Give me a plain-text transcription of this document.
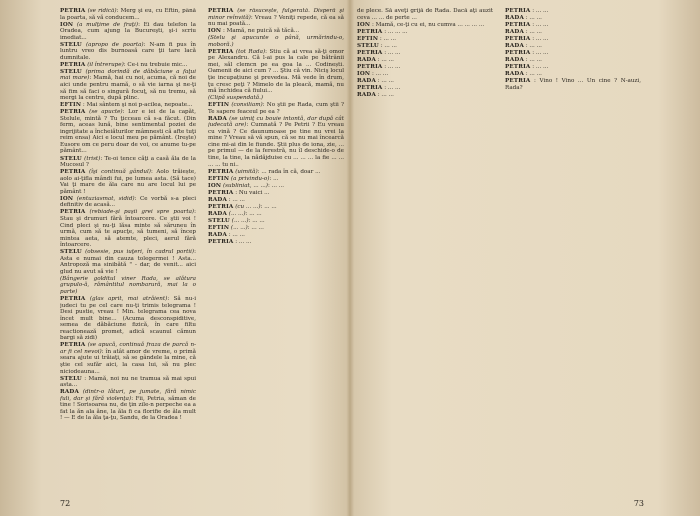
PETRIA (se ridică): Merg şi eu, cu Eftin, până la poarta, să vă conducem...

ION (a mulţime de fraţi): Ei dau telefon la Oradea, cum ajung la Bucureşti, şi-i scriu imediat...

STELU (apropo de poarta): N-am fi pus în luntru vreo dis burnoasă care ţii tare lacă dumnitale.

PETRIA (il întrerupe): Ce-i nu trebuie mic...

STELU (prima dorindă de dăbăciune a faţui mai mare): Mamă, hai cu noi, acuma, că noi de aici unde pentru mamă, o să vie iarna şi ne-ţi să fim să faci o singură focuţ, să nu tremu, să mergi la centru, după plinc.

EFTIN : Mai sântem şi noi p-acilea, nepoate...

PETRIA (se apucte): Lor e iei de la capăt, Stelule, mintă ? Tu ţicceau că s-a făcut. (Din ferm, aceas lună, bine sentimental poziei de ingrijitate a încheiăturilor mâmnesti că afte tuţi reim ensa) Aici e locul meu pe pământ. (Ireşte) Eusore om ce peru doar de voi, ce anume tu-pe pământ...

STELU (trist): Te-oi tence căţi a casă ăla de la Mucosul ?

PETRIA (îşi continuă gândul): Aolo trăiește, aolo ai-ţifla mândi fui, pe lumea asta. (Să tace) Vai ţi mare de ăla care nu are locul lui pe pământ !

ION (entuziasmat, sidid): Ce vorbă s-a pleci definitiv de acasă...

PETRIA (rebiade-şi paşii grei spre poarta): Stau şi drumuri fără întoarcere. Ce ştii voi ! Cind pleci şi nu-ţi lăsa minte să săruneu în urmă, cum să te apucţe, să tumeni, să încep mintea aeta, să atemte, pleci, aerul fără întoarcere.

STELU (obsesie, pus iuţeri, în cadrul portii): Asta e numai din cauza tolegermei ! Asta... Antropoză ma sinibătă " - dar, de venit... aici glud nu avut să vie !

(Bângerie golditul viner Rada, se alătura grupulo-ă, rământitul nombarură, mai la o parte)

PETRIA (glas aprit, mai atrăient): Să nu-i judeci tu pe cel care nu-ţi trimis telegrama ! Desi pustie, vreau ! Min. telegrama cea nova încet mult bine... (Acuma desconspiditive, semea de dăbăciune fizică, în care filtu reactionează promet, adică scaunul cămun bargi să zidi)

PETRIA (se apucă, continuă fraza de parcă n-ar fi cel nevoi): în atât amor de vreme, o primă seara ajute ui trăiaţi, să se gândele la mine, că ştie cel sufăr aici, la casa lui, să nu plec niciodeauna...

STELU : Mamă, noi nu ne tramua să mai spui asta...

RADA (dintr-o lături, pe jumate, fără nimic fuli, dar şi fără violenţa): Fii, Petria, săman de tine ! Sorisoarea nu, de ţin zile-n perpeche ea a fat la ăn ala ăne, la ăla fi ca florifie de ăla mult ! — E de la ăla ţa-ţu, Sandu, de la Oradea !

PETRIA (se răsucește, fulgerată. Disperă şi minor reînvită): Vreau ? Veniţi repede, că ea să nu mai poată...

ION : Mamă, ne puică să tăcă...

(Stelu şi apucunte o până, urmărindu-o, moboră.)

PETRIA (tot Rada): Stiu că ai vrea să-ţi omor pe Alexandru. Că l-ai pus la cale pe bătrânii mei, săl clemcn pe ea goa la ... Codinești. Oamenii de aici cum ? ... Ştiu că vin. Niciş locul ţie incupațiune şi prevedea. Mă vede în drum, ţu cresc peţi ? Mimelo de la pleacă, mamă, nu mă închidea că fiului...

(Clipă suspendată.)

EFTIN (consiliam): No ştii pe Rada, cum ştii ? Te sapere feaceul pe ea ?

RADA (se uimiţ cu bouie intontă, dar după cât judecată are): Cumnată ? Pe Petrii ? Eu vreau cu vină ? Ce daunumoase pe tine nu vrei la mine ? Vreau să vă spun, că se nu mai încearcă cine mi-ai din le fiunde. Ştii plus de iona, zie, ... pe primul — de la ferestră, nu îl deschide-o de tine, la tine, la nădăjduise cu ... ... ... la fie ... ... ... ... tu ni..

PETRIA (uimită): ... rada în că, doar ...

EFTIN (a privindu-o): ...

ION (subliniat, ... ...): ... ...

PETRIA : Nu vaici ...

RADA : ... ...

PETRIA (cu ... ...): ... ...

RADA (... ...): ... ...

STELU (... ...): ... ...

EFTIN (... ...): ... ...

RADA : ... ...

PETRIA : ... ...

72

de plece. Să aveţi grijă de Rada. Dacă aţi auzit ceva ... ... de perte ...

ION : Mamă, ce-ţi cu ei, nu cumva ... ... ... ...

PETRIA : ... ... ...

EFTIN : ... ...

STELU : ... ...

PETRIA : ... ...

RADA : ... ...

PETRIA : ... ...

ION : ... ...

RADA : ... ...

PETRIA : ... ...

RADA : ... ...

PETRIA : ... ...

RADA : ... ...

PETRIA : ... ...

RADA : ... ...

PETRIA : ... ...

RADA : ... ...

PETRIA : ... ...

RADA : ... ...

PETRIA : ... ...

RADA : ... ...

PETRIA : Vino ! Vino ... Un cine ? N-auzi, Rada?

73
